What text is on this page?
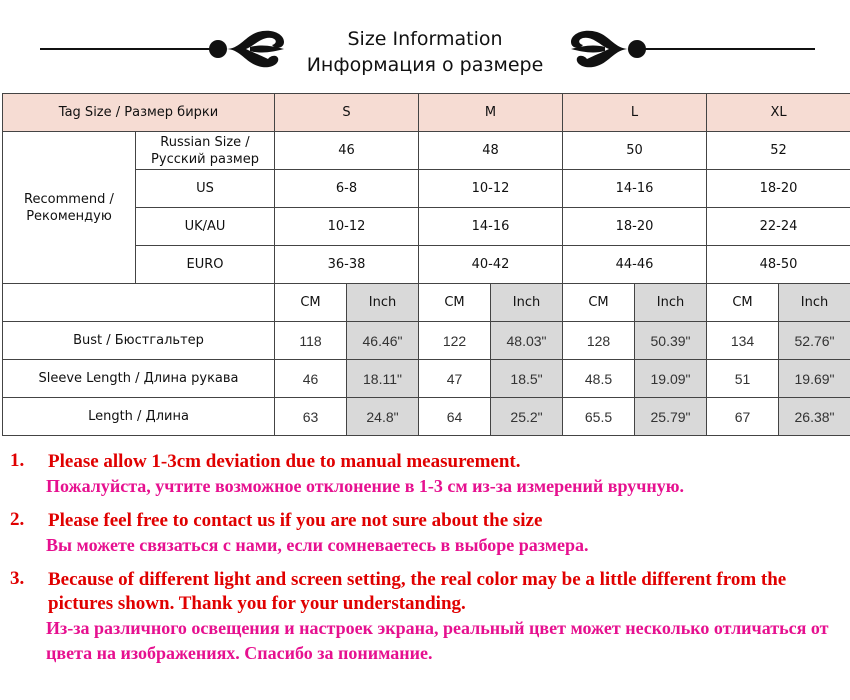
Size Information
Информация о размере
Tag Size / Размер бирки		S		M		L		XL	
Recommend / Рекомендую	Russian Size / Русский размер	46		48		50		52	
	US	6-8		10-12		14-16		18-20	
	UK/AU	10-12		14-16		18-20		22-24	
	EURO	36-38		40-42		44-46		48-50	
		CM	Inch	CM	Inch	CM	Inch	CM	Inch
Bust / Бюстгальтер		118	46.46"	122	48.03"	128	50.39"	134	52.76"
Sleeve Length / Длина рукава		46	18.11"	47	18.5"	48.5	19.09"	51	19.69"
Length / Длина		63	24.8"	64	25.2"	65.5	25.79"	67	26.38"
1.	Please allow 1-3cm deviation due to manual measurement.
Пожалуйста, учтите возможное отклонение в 1-3 см из-за измерений вручную.
2.	Please feel free to contact us if you are not sure about the size
Вы можете связаться с нами, если сомневаетесь в выборе размера.
3.	Because of different light and screen setting, the real color may be a little different from the pictures shown. Thank you for your understanding.
Из-за различного освещения и настроек экрана, реальный цвет может несколько отличаться от цвета на изображениях. Спасибо за понимание.
